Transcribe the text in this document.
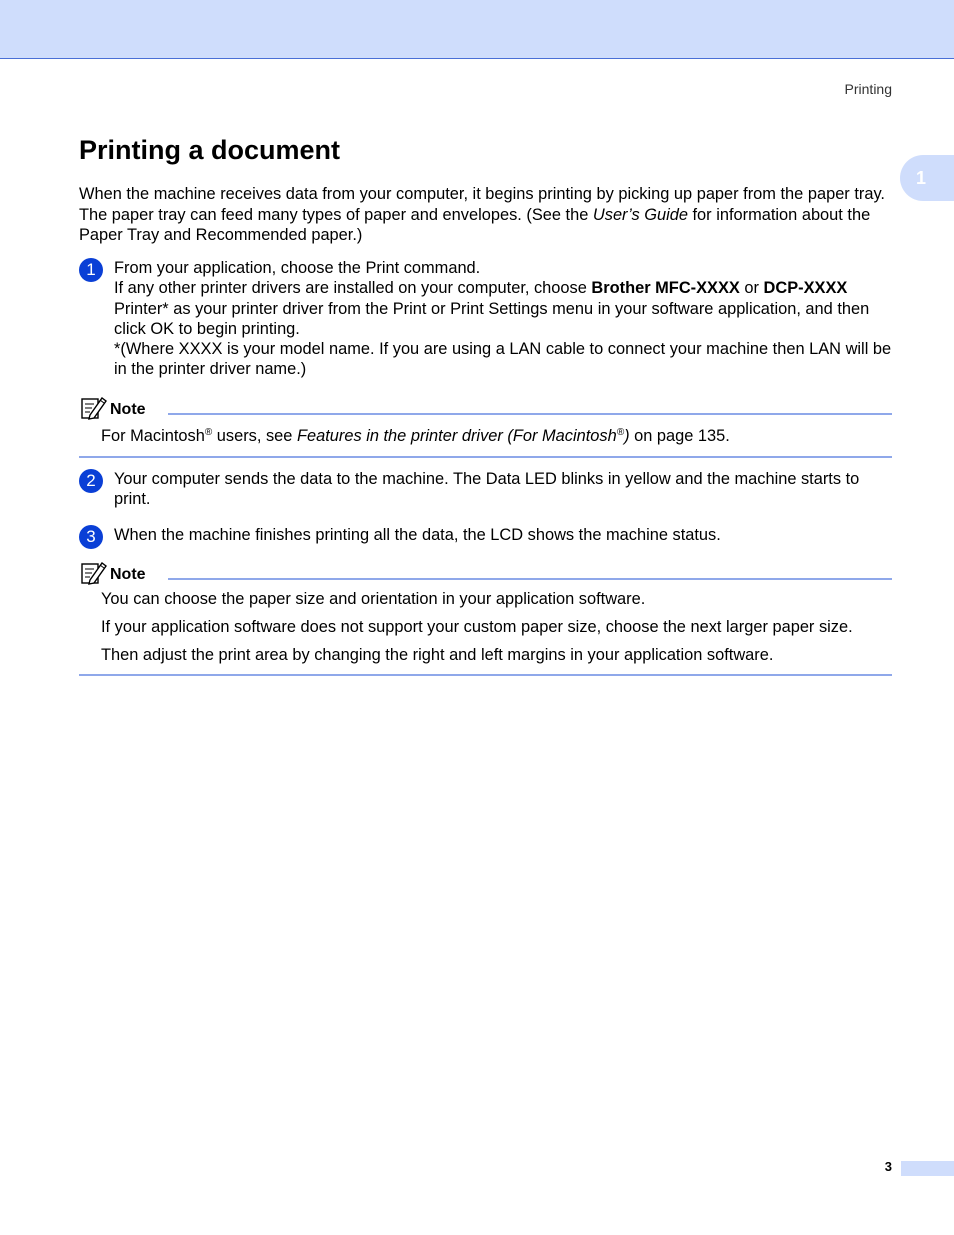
Printing
1
Printing a document

When the machine receives data from your computer, it begins printing by picking up paper from the paper tray. The paper tray can feed many types of paper and envelopes. (See the User’s Guide for information about the Paper Tray and Recommended paper.)

1	From your application, choose the Print command.

If any other printer drivers are installed on your computer, choose Brother MFC-XXXX or DCP-XXXX Printer* as your printer driver from the Print or Print Settings menu in your software application, and then click OK to begin printing.

*(Where XXXX is your model name. If you are using a LAN cable to connect your machine then LAN will be in the printer driver name.)

Note

For Macintosh® users, see Features in the printer driver (For Macintosh®) on page 135.

2	Your computer sends the data to the machine. The Data LED blinks in yellow and the machine starts to print.

3	When the machine finishes printing all the data, the LCD shows the machine status.

Note

You can choose the paper size and orientation in your application software.

If your application software does not support your custom paper size, choose the next larger paper size.

Then adjust the print area by changing the right and left margins in your application software.

3
